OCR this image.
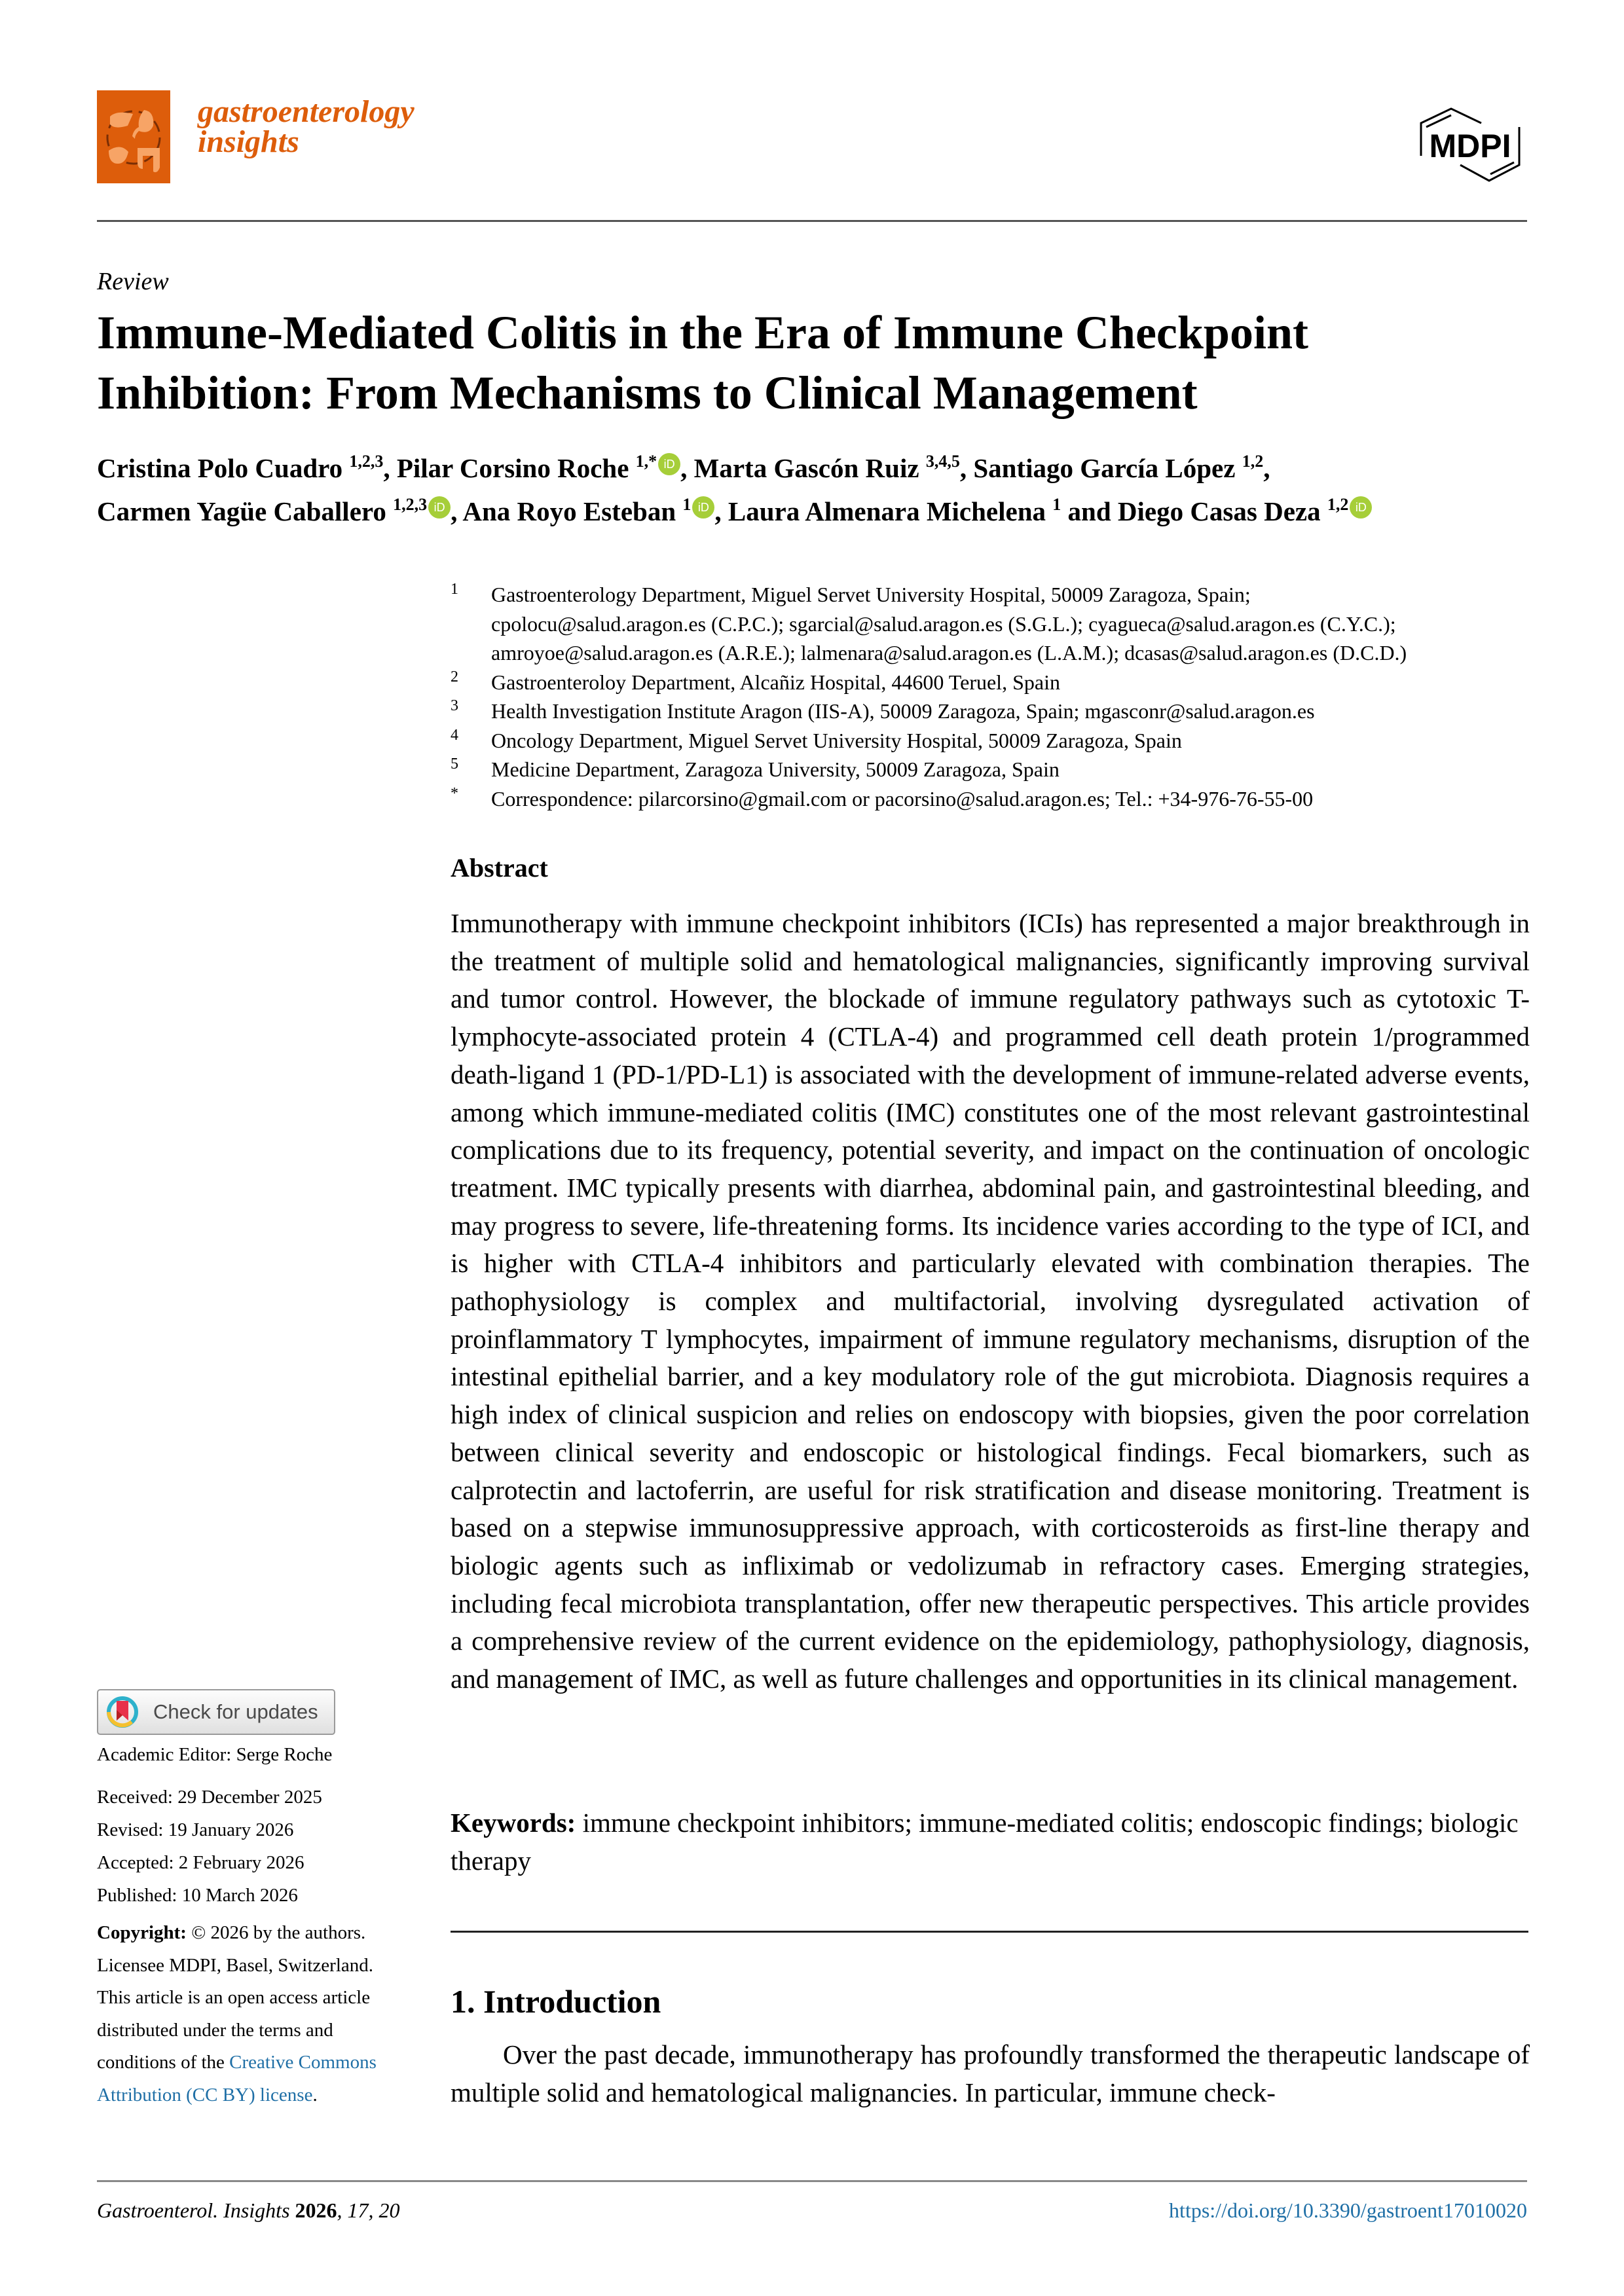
gastroenterology
insights	MDPI
Review
Immune-Mediated Colitis in the Era of Immune Checkpoint
Inhibition: From Mechanisms to Clinical Management
Cristina Polo Cuadro $^{1,2,3}$, Pilar Corsino Roche $^{1,*}$ iD , Marta Gascón Ruiz $^{3,4,5}$, Santiago García López $^{1,2}$,
Carmen Yagüe Caballero $^{1,2,3}$ iD , Ana Royo Esteban $^1$ iD , Laura Almenara Michelena $^1$ and Diego Casas Deza $^{1,2}$ iD
1	Gastroenterology Department, Miguel Servet University Hospital, 50009 Zaragoza, Spain;
cpolocu@salud.aragon.es (C.P.C.); sgarcial@salud.aragon.es (S.G.L.); cyagueca@salud.aragon.es (C.Y.C.);
amroyoe@salud.aragon.es (A.R.E.); lalmenara@salud.aragon.es (L.A.M.); dcasas@salud.aragon.es (D.C.D.)
2	Gastroenteroloy Department, Alcañiz Hospital, 44600 Teruel, Spain
3	Health Investigation Institute Aragon (IIS-A), 50009 Zaragoza, Spain; mgasconr@salud.aragon.es
4	Oncology Department, Miguel Servet University Hospital, 50009 Zaragoza, Spain
5	Medicine Department, Zaragoza University, 50009 Zaragoza, Spain
*	Correspondence: pilarcorsino@gmail.com or pacorsino@salud.aragon.es; Tel.: +34-976-76-55-00
Abstract
Immunotherapy with immune checkpoint inhibitors (ICIs) has represented a major breakthrough in the treatment of multiple solid and hematological malignancies, significantly improving survival and tumor control. However, the blockade of immune regulatory pathways such as cytotoxic T-lymphocyte-associated protein 4 (CTLA-4) and programmed cell death protein 1/programmed death-ligand 1 (PD-1/PD-L1) is associated with the development of immune-related adverse events, among which immune-mediated colitis (IMC) constitutes one of the most relevant gastrointestinal complications due to its frequency, potential severity, and impact on the continuation of oncologic treatment. IMC typically presents with diarrhea, abdominal pain, and gastrointestinal bleeding, and may progress to severe, life-threatening forms. Its incidence varies according to the type of ICI, and is higher with CTLA-4 inhibitors and particularly elevated with combination therapies. The pathophysiology is complex and multifactorial, involving dysregulated activation of proinflammatory T lymphocytes, impairment of immune regulatory mechanisms, disruption of the intestinal epithelial barrier, and a key modulatory role of the gut microbiota. Diagnosis requires a high index of clinical suspicion and relies on endoscopy with biopsies, given the poor correlation between clinical severity and endoscopic or histological findings. Fecal biomarkers, such as calprotectin and lactoferrin, are useful for risk stratification and disease monitoring. Treatment is based on a stepwise immunosuppressive approach, with corticosteroids as first-line therapy and biologic agents such as infliximab or vedolizumab in refractory cases. Emerging strategies, including fecal microbiota transplantation, offer new therapeutic perspectives. This article provides a comprehensive review of the current evidence on the epidemiology, pathophysiology, diagnosis, and management of IMC, as well as future challenges and opportunities in its clinical management.
Keywords: immune checkpoint inhibitors; immune-mediated colitis; endoscopic findings; biologic therapy
1. Introduction
Over the past decade, immunotherapy has profoundly transformed the therapeutic landscape of multiple solid and hematological malignancies. In particular, immune check-
Check for updates
Academic Editor: Serge Roche
Received: 29 December 2025
Revised: 19 January 2026
Accepted: 2 February 2026
Published: 10 March 2026
Copyright: © 2026 by the authors. Licensee MDPI, Basel, Switzerland. This article is an open access article distributed under the terms and conditions of the Creative Commons Attribution (CC BY) license.
Gastroenterol. Insights 2026, 17, 20	https://doi.org/10.3390/gastroent17010020
